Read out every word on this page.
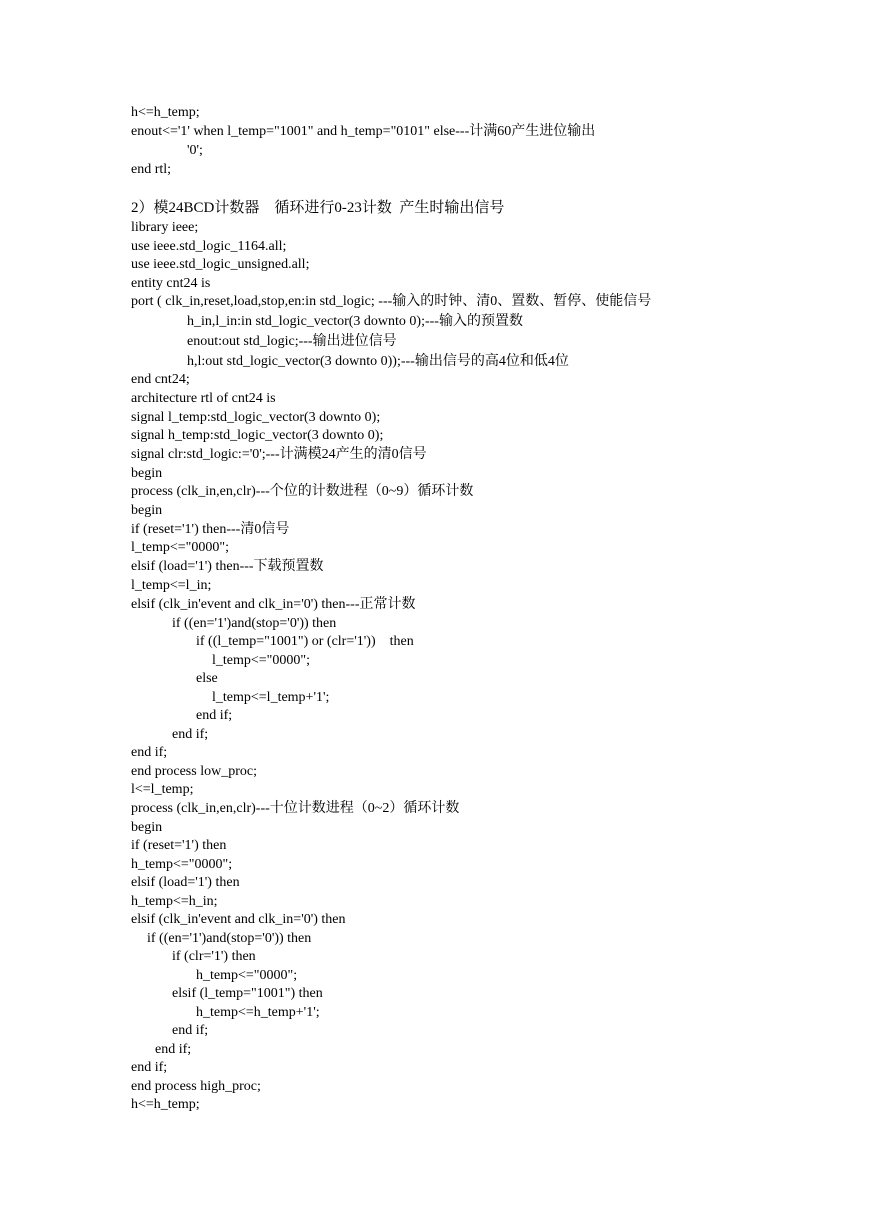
h<=h_temp;
enout<='1' when l_temp="1001" and h_temp="0101" else---计满60产生进位输出
'0';
end rtl;
2）模24BCD计数器    循环进行0-23计数  产生时输出信号
library ieee;
use ieee.std_logic_1164.all;
use ieee.std_logic_unsigned.all;
entity cnt24 is
port ( clk_in,reset,load,stop,en:in std_logic; ---输入的时钟、清0、置数、暂停、使能信号
h_in,l_in:in std_logic_vector(3 downto 0);---输入的预置数
enout:out std_logic;---输出进位信号
h,l:out std_logic_vector(3 downto 0));---输出信号的高4位和低4位
end cnt24;
architecture rtl of cnt24 is
signal l_temp:std_logic_vector(3 downto 0);
signal h_temp:std_logic_vector(3 downto 0);
signal clr:std_logic:='0';---计满模24产生的清0信号
begin
process (clk_in,en,clr)---个位的计数进程（0~9）循环计数
begin
if (reset='1') then---清0信号
l_temp<="0000";
elsif (load='1') then---下载预置数
l_temp<=l_in;
elsif (clk_in'event and clk_in='0') then---正常计数
if ((en='1')and(stop='0')) then
if ((l_temp="1001") or (clr='1'))    then
l_temp<="0000";
else
l_temp<=l_temp+'1';
end if;
end if;
end if;
end process low_proc;
l<=l_temp;
process (clk_in,en,clr)---十位计数进程（0~2）循环计数
begin
if (reset='1') then
h_temp<="0000";
elsif (load='1') then
h_temp<=h_in;
elsif (clk_in'event and clk_in='0') then
if ((en='1')and(stop='0')) then
if (clr='1') then
h_temp<="0000";
elsif (l_temp="1001") then
h_temp<=h_temp+'1';
end if;
end if;
end if;
end process high_proc;
h<=h_temp;
